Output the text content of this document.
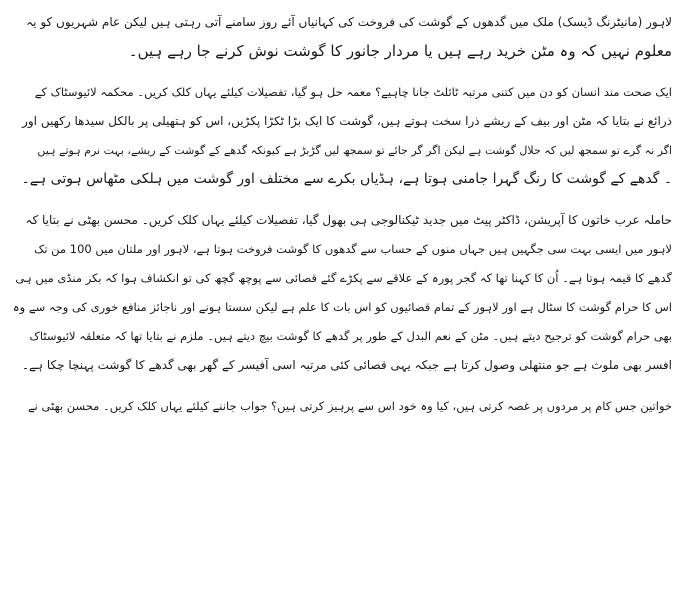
لاہور (مانیٹرنگ ڈیسک) ملک میں گدھوں کے گوشت کی فروخت کی کہانیاں آئے روز سامنے آتی رہتی ہیں لیکن عام شہریوں کو یہ
معلوم نہیں کہ وہ مٹن خرید رہے ہیں یا مردار جانور کا گوشت نوش کرنے جا رہے ہیں۔

ایک صحت مند انسان کو دن میں کتنی مرتبہ ٹائلٹ جانا چاہیے؟ معمہ حل ہو گیا، تفصیلات کیلئے یہاں کلک کریں۔ محکمہ لائیوسٹاک کے
ذرائع نے بتایا کہ مٹن اور بیف کے ریشے ذرا سخت ہوتے ہیں، گوشت کا ایک بڑا ٹکڑا پکڑیں، اس کو ہتھیلی پر بالکل سیدھا رکھیں اور
اگر نہ گرے تو سمجھ لیں کہ حلال گوشت ہے لیکن اگر گر جائے تو سمجھ لیں گڑبڑ ہے کیونکہ گدھے کے گوشت کے ریشے، بہت نرم ہوتے ہیں
۔ گدھے کے گوشت کا رنگ گہرا جامنی ہوتا ہے، ہڈیاں بکرے سے مختلف اور گوشت میں ہلکی مٹھاس ہوتی ہے۔

حاملہ عرب خاتون کا آپریشن، ڈاکٹر پیٹ میں جدید ٹیکنالوجی ہی بھول گیا، تفصیلات کیلئے یہاں کلک کریں۔ محسن بھٹی نے بتایا کہ
لاہور میں ایسی بہت سی جگہیں ہیں جہاں منوں کے حساب سے گدھوں کا گوشت فروخت ہوتا ہے، لاہور اور ملتان میں 100 من تک
گدھے کا قیمہ ہوتا ہے۔ اُن کا کہنا تھا کہ گجر پورہ کے علاقے سے پکڑے گئے قصائی سے پوچھ گچھ کی تو انکشاف ہوا کہ بکر منڈی میں ہی
اس کا حرام گوشت کا سٹال ہے اور لاہور کے تمام قصائیوں کو اس بات کا علم ہے لیکن سستا ہونے اور ناجائز منافع خوری کی وجہ سے وہ
بھی حرام گوشت کو ترجیح دیتے ہیں۔ مٹن کے نعم البدل کے طور پر گدھے کا گوشت بیچ دیتے ہیں۔ ملزم نے بتایا تھا کہ متعلقہ لائیوسٹاک
افسر بھی ملوث ہے جو منتھلی وصول کرتا ہے جبکہ یہی قصائی کئی مرتبہ اسی آفیسر کے گھر بھی گدھے کا گوشت پہنچا چکا ہے۔

خواتین جس کام پر مردوں پر غصہ کرتی ہیں، کیا وہ خود اس سے پرہیز کرتی ہیں؟ جواب جاننے کیلئے یہاں کلک کریں۔ محسن بھٹی نے
